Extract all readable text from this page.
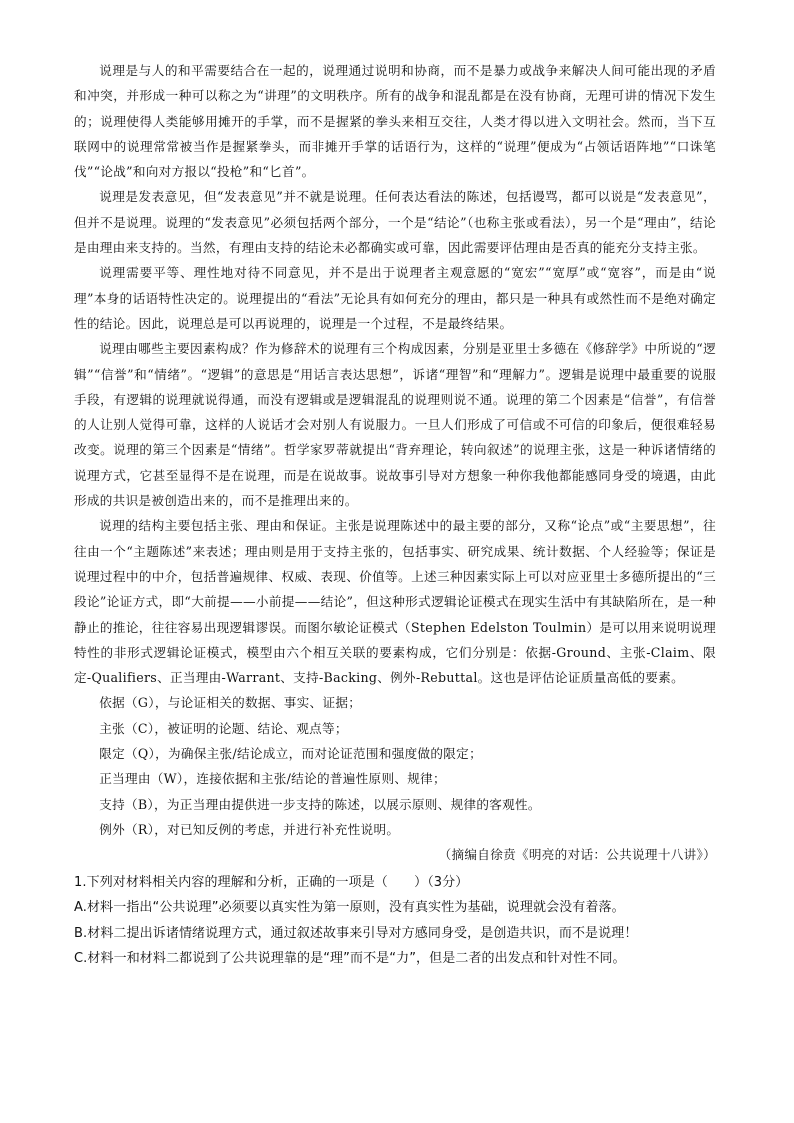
说理是与人的和平需要结合在一起的，说理通过说明和协商，而不是暴力或战争来解决人间可能出现的矛盾和冲突，并形成一种可以称之为“讲理”的文明秩序。所有的战争和混乱都是在没有协商，无理可讲的情况下发生的；说理使得人类能够用摊开的手掌，而不是握紧的拳头来相互交往，人类才得以进入文明社会。然而，当下互联网中的说理常常被当作是握紧拳头，而非摊开手掌的话语行为，这样的“说理”便成为“占领话语阵地”“口诛笔伐”“论战”和向对方报以“投枪”和“匕首”。

说理是发表意见，但“发表意见”并不就是说理。任何表达看法的陈述，包括谩骂，都可以说是“发表意见”，但并不是说理。说理的“发表意见”必须包括两个部分，一个是“结论”（也称主张或看法），另一个是“理由”，结论是由理由来支持的。当然，有理由支持的结论未必都确实或可靠，因此需要评估理由是否真的能充分支持主张。

说理需要平等、理性地对待不同意见，并不是出于说理者主观意愿的“宽宏”“宽厚”或“宽容”，而是由“说理”本身的话语特性决定的。说理提出的“看法”无论具有如何充分的理由，都只是一种具有或然性而不是绝对确定性的结论。因此，说理总是可以再说理的，说理是一个过程，不是最终结果。

说理由哪些主要因素构成？作为修辞术的说理有三个构成因素，分别是亚里士多德在《修辞学》中所说的“逻辑”“信誉”和“情绪”。“逻辑”的意思是“用话言表达思想”，诉诸“理智”和“理解力”。逻辑是说理中最重要的说服手段，有逻辑的说理就说得通，而没有逻辑或是逻辑混乱的说理则说不通。说理的第二个因素是“信誉”，有信誉的人让别人觉得可靠，这样的人说话才会对别人有说服力。一旦人们形成了可信或不可信的印象后，便很难轻易改变。说理的第三个因素是“情绪”。哲学家罗蒂就提出“背弃理论，转向叙述”的说理主张，这是一种诉诸情绪的说理方式，它甚至显得不是在说理，而是在说故事。说故事引导对方想象一种你我他都能感同身受的境遇，由此形成的共识是被创造出来的，而不是推理出来的。

说理的结构主要包括主张、理由和保证。主张是说理陈述中的最主要的部分，又称“论点”或“主要思想”，往往由一个“主题陈述”来表述；理由则是用于支持主张的，包括事实、研究成果、统计数据、个人经验等；保证是说理过程中的中介，包括普遍规律、权威、表现、价值等。上述三种因素实际上可以对应亚里士多德所提出的“三段论”论证方式，即“大前提——小前提——结论”，但这种形式逻辑论证模式在现实生活中有其缺陷所在，是一种静止的推论，往往容易出现逻辑谬误。而图尔敏论证模式（Stephen Edelston Toulmin）是可以用来说明说理特性的非形式逻辑论证模式，模型由六个相互关联的要素构成，它们分别是：依据-Ground、主张-Claim、限定-Qualifiers、正当理由-Warrant、支持-Backing、例外-Rebuttal。这也是评估论证质量高低的要素。

依据（G），与论证相关的数据、事实、证据；

主张（C），被证明的论题、结论、观点等；

限定（Q），为确保主张/结论成立，而对论证范围和强度做的限定；

正当理由（W），连接依据和主张/结论的普遍性原则、规律；

支持（B），为正当理由提供进一步支持的陈述，以展示原则、规律的客观性。

例外（R），对已知反例的考虑，并进行补充性说明。

（摘编自徐贲《明亮的对话：公共说理十八讲》）

1.下列对材料相关内容的理解和分析，正确的一项是（　　）（3分）

A.材料一指出“公共说理”必须要以真实性为第一原则，没有真实性为基础，说理就会没有着落。

B.材料二提出诉诸情绪说理方式，通过叙述故事来引导对方感同身受，是创造共识，而不是说理！

C.材料一和材料二都说到了公共说理靠的是“理”而不是“力”，但是二者的出发点和针对性不同。
